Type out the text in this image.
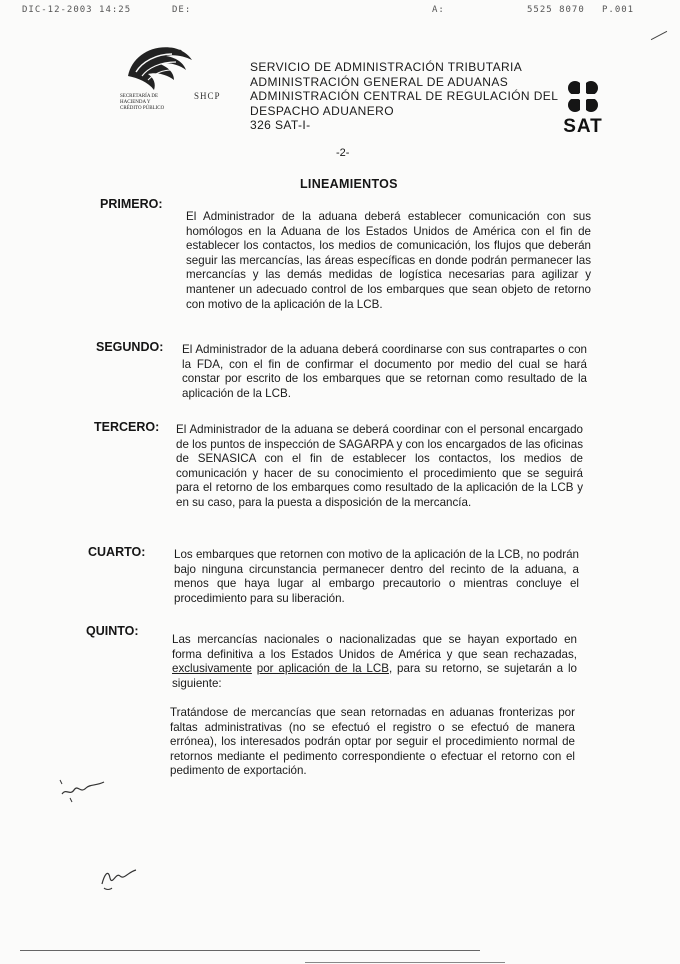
DIC-12-2003 14:25	DE:	A:	5525 8070 P.001
SECRETARÍA DE
HACIENDA Y
CRÉDITO PÚBLICO
SHCP
SERVICIO DE ADMINISTRACIÓN TRIBUTARIA
ADMINISTRACIÓN GENERAL DE ADUANAS
ADMINISTRACIÓN CENTRAL DE REGULACIÓN DEL
DESPACHO ADUANERO
326 SAT-I-	SAT
-2-
LINEAMIENTOS
PRIMERO:
El Administrador de la aduana deberá establecer comunicación con sus homólogos en la Aduana de los Estados Unidos de América con el fin de establecer los contactos, los medios de comunicación, los flujos que deberán seguir las mercancías, las áreas específicas en donde podrán permanecer las mercancías y las demás medidas de logística necesarias para agilizar y mantener un adecuado control de los embarques que sean objeto de retorno con motivo de la aplicación de la LCB.
SEGUNDO: El Administrador de la aduana deberá coordinarse con sus contrapartes o con la FDA, con el fin de confirmar el documento por medio del cual se hará constar por escrito de los embarques que se retornan como resultado de la aplicación de la LCB.
TERCERO: El Administrador de la aduana se deberá coordinar con el personal encargado de los puntos de inspección de SAGARPA y con los encargados de las oficinas de SENASICA con el fin de establecer los contactos, los medios de comunicación y hacer de su conocimiento el procedimiento que se seguirá para el retorno de los embarques como resultado de la aplicación de la LCB y en su caso, para la puesta a disposición de la mercancía.
CUARTO: Los embarques que retornen con motivo de la aplicación de la LCB, no podrán bajo ninguna circunstancia permanecer dentro del recinto de la aduana, a menos que haya lugar al embargo precautorio o mientras concluye el procedimiento para su liberación.
QUINTO:
Las mercancías nacionales o nacionalizadas que se hayan exportado en forma definitiva a los Estados Unidos de América y que sean rechazadas, exclusivamente por aplicación de la LCB, para su retorno, se sujetarán a lo siguiente:
Tratándose de mercancías que sean retornadas en aduanas fronterizas por faltas administrativas (no se efectuó el registro o se efectuó de manera errónea), los interesados podrán optar por seguir el procedimiento normal de retornos mediante el pedimento correspondiente o efectuar el retorno con el pedimento de exportación.
